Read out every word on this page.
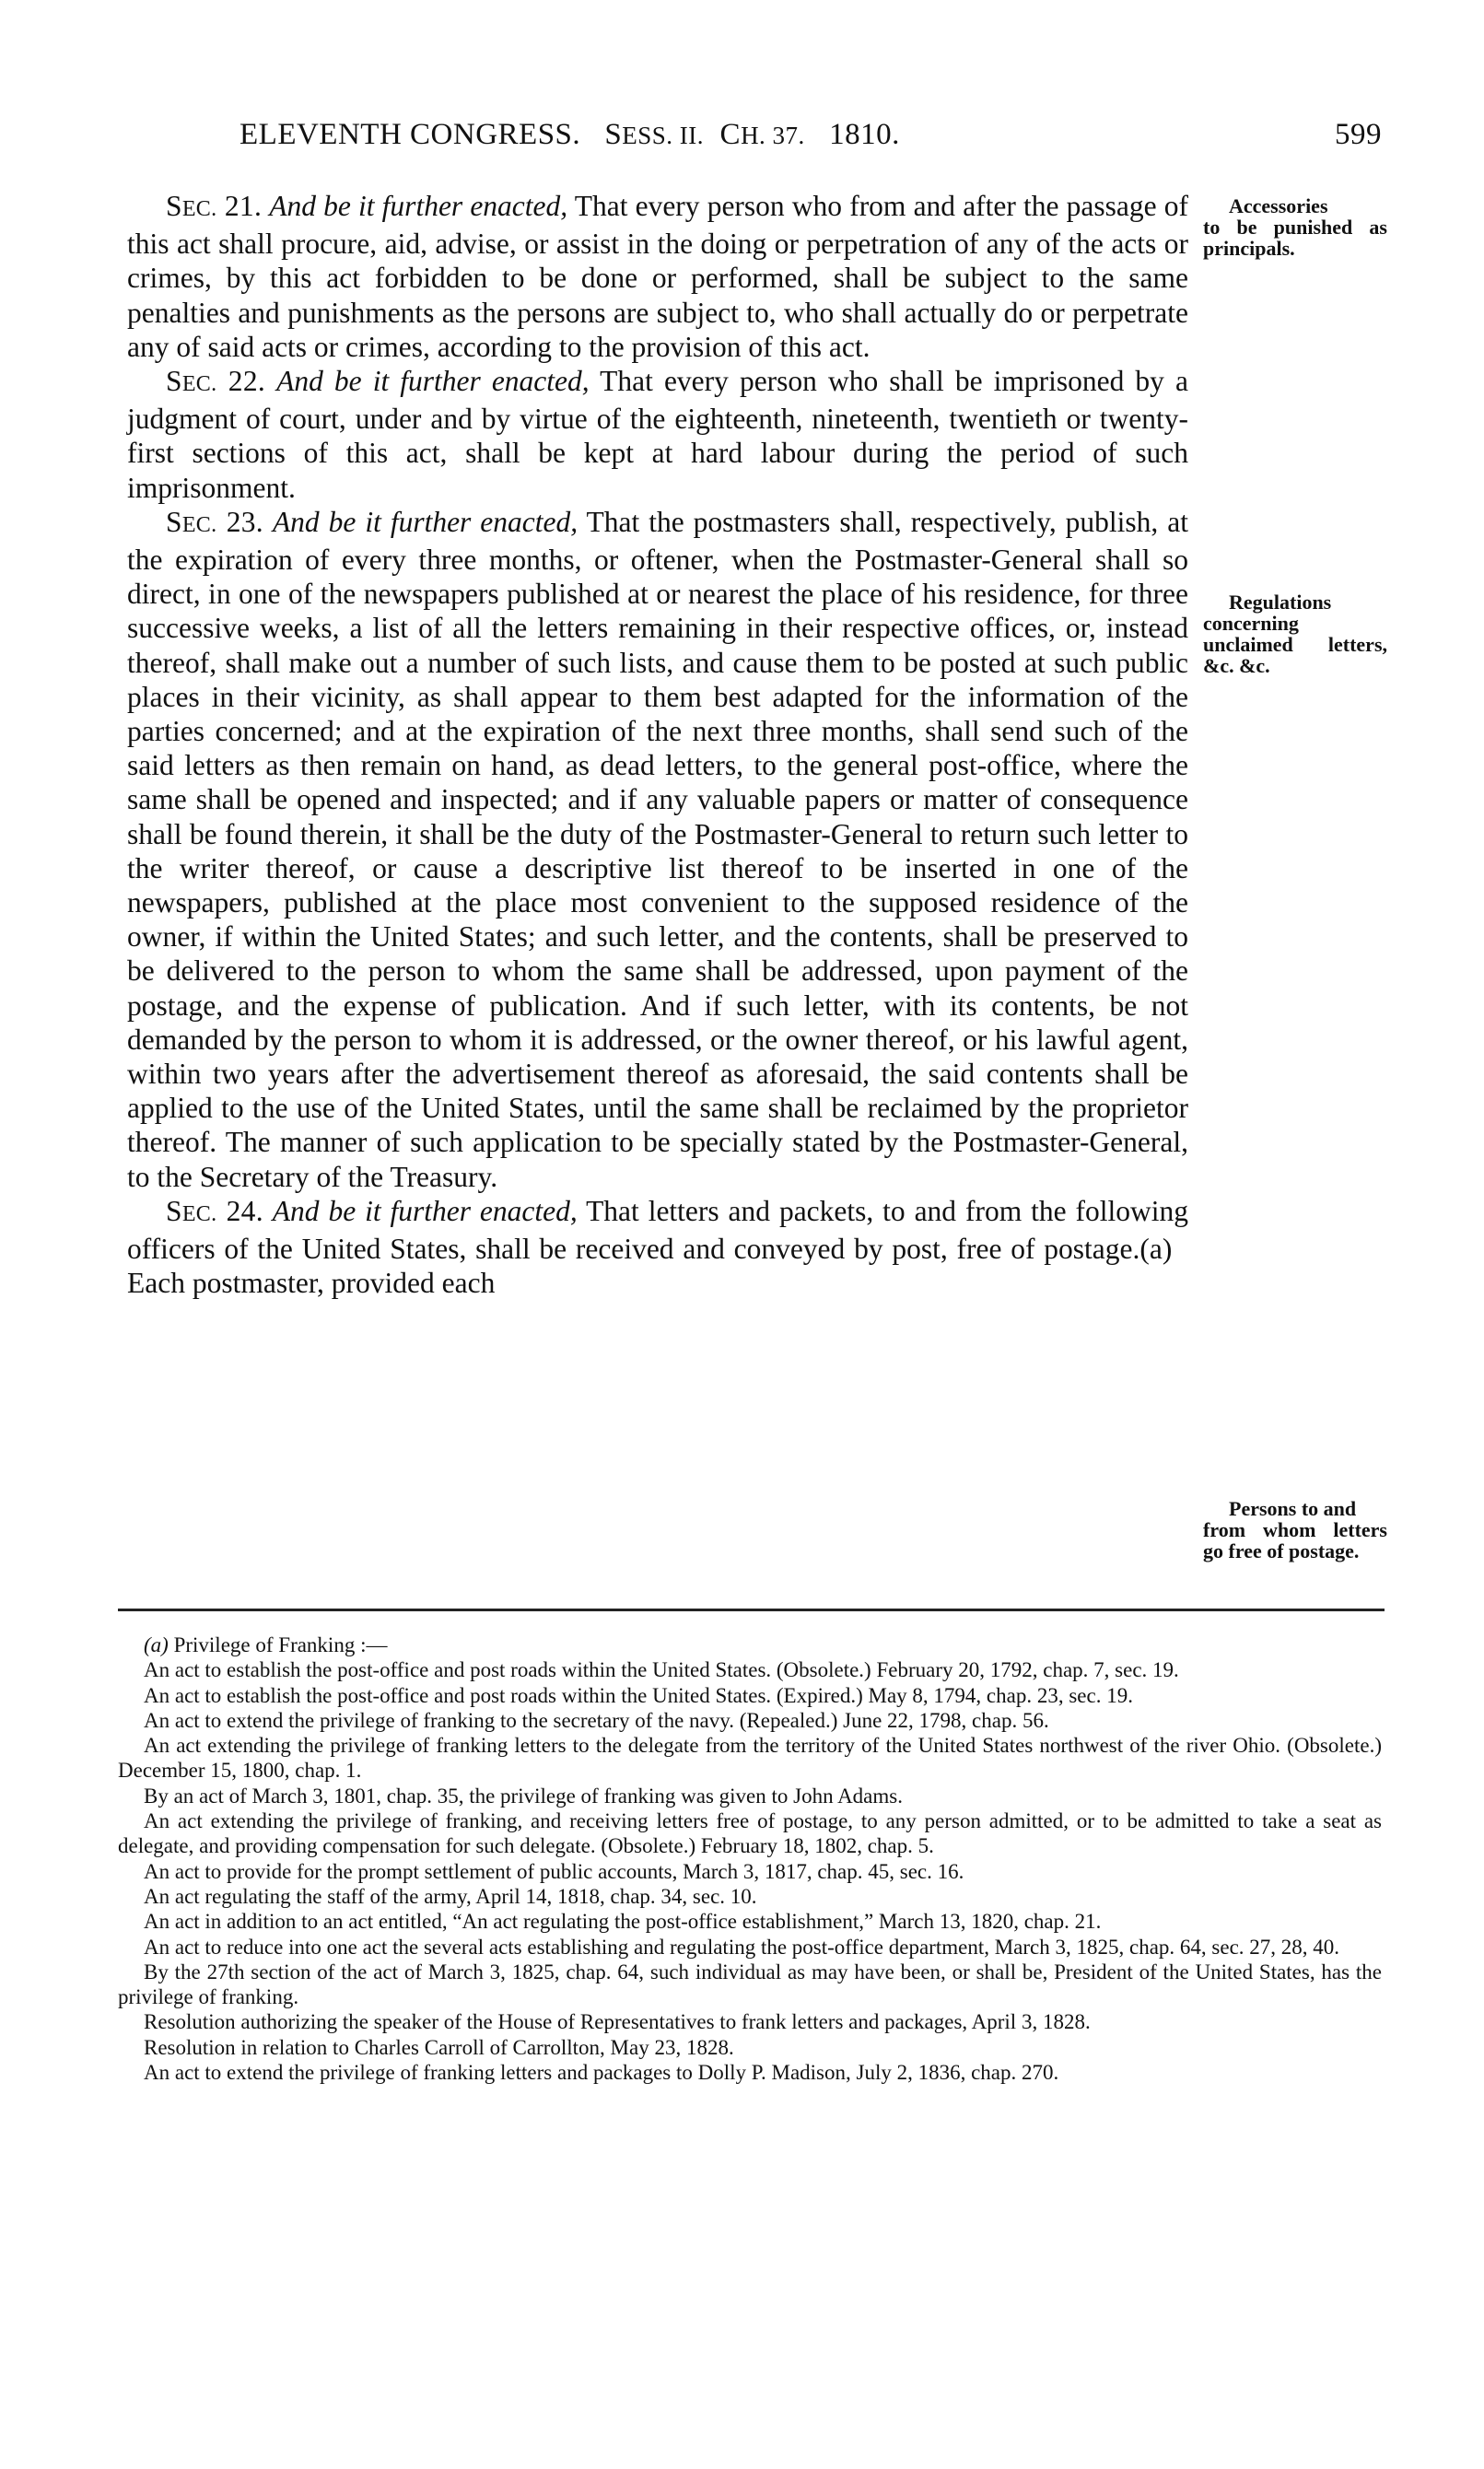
ELEVENTH CONGRESS. SESS. II. CH. 37. 1810.	599

SEC. 21. And be it further enacted, That every person who from and after the passage of this act shall procure, aid, advise, or assist in the doing or perpetration of any of the acts or crimes, by this act forbidden to be done or performed, shall be subject to the same penalties and punishments as the persons are subject to, who shall actually do or perpetrate any of said acts or crimes, according to the provision of this act.

SEC. 22. And be it further enacted, That every person who shall be imprisoned by a judgment of court, under and by virtue of the eighteenth, nineteenth, twentieth or twenty-first sections of this act, shall be kept at hard labour during the period of such imprisonment.

SEC. 23. And be it further enacted, That the postmasters shall, respectively, publish, at the expiration of every three months, or oftener, when the Postmaster-General shall so direct, in one of the newspapers published at or nearest the place of his residence, for three successive weeks, a list of all the letters remaining in their respective offices, or, instead thereof, shall make out a number of such lists, and cause them to be posted at such public places in their vicinity, as shall appear to them best adapted for the information of the parties concerned; and at the expiration of the next three months, shall send such of the said letters as then remain on hand, as dead letters, to the general post-office, where the same shall be opened and inspected; and if any valuable papers or matter of consequence shall be found therein, it shall be the duty of the Postmaster-General to return such letter to the writer thereof, or cause a descriptive list thereof to be inserted in one of the newspapers, published at the place most convenient to the supposed residence of the owner, if within the United States; and such letter, and the contents, shall be preserved to be delivered to the person to whom the same shall be addressed, upon payment of the postage, and the expense of publication. And if such letter, with its contents, be not demanded by the person to whom it is addressed, or the owner thereof, or his lawful agent, within two years after the advertisement thereof as aforesaid, the said contents shall be applied to the use of the United States, until the same shall be reclaimed by the proprietor thereof. The manner of such application to be specially stated by the Postmaster-General, to the Secretary of the Treasury.

SEC. 24. And be it further enacted, That letters and packets, to and from the following officers of the United States, shall be received and conveyed by post, free of postage.(a)   Each postmaster, provided each

Accessories
to be punished as principals.
Regulations
concerning unclaimed letters, &c. &c.
Persons to and
from whom letters go free of postage.

(a) Privilege of Franking :—

An act to establish the post-office and post roads within the United States. (Obsolete.) February 20, 1792, chap. 7, sec. 19.

An act to establish the post-office and post roads within the United States. (Expired.) May 8, 1794, chap. 23, sec. 19.

An act to extend the privilege of franking to the secretary of the navy. (Repealed.) June 22, 1798, chap. 56.

An act extending the privilege of franking letters to the delegate from the territory of the United States northwest of the river Ohio. (Obsolete.) December 15, 1800, chap. 1.

By an act of March 3, 1801, chap. 35, the privilege of franking was given to John Adams.

An act extending the privilege of franking, and receiving letters free of postage, to any person admitted, or to be admitted to take a seat as delegate, and providing compensation for such delegate. (Obsolete.) February 18, 1802, chap. 5.

An act to provide for the prompt settlement of public accounts, March 3, 1817, chap. 45, sec. 16.

An act regulating the staff of the army, April 14, 1818, chap. 34, sec. 10.

An act in addition to an act entitled, “An act regulating the post-office establishment,” March 13, 1820, chap. 21.

An act to reduce into one act the several acts establishing and regulating the post-office department, March 3, 1825, chap. 64, sec. 27, 28, 40.

By the 27th section of the act of March 3, 1825, chap. 64, such individual as may have been, or shall be, President of the United States, has the privilege of franking.

Resolution authorizing the speaker of the House of Representatives to frank letters and packages, April 3, 1828.

Resolution in relation to Charles Carroll of Carrollton, May 23, 1828.

An act to extend the privilege of franking letters and packages to Dolly P. Madison, July 2, 1836, chap. 270.
